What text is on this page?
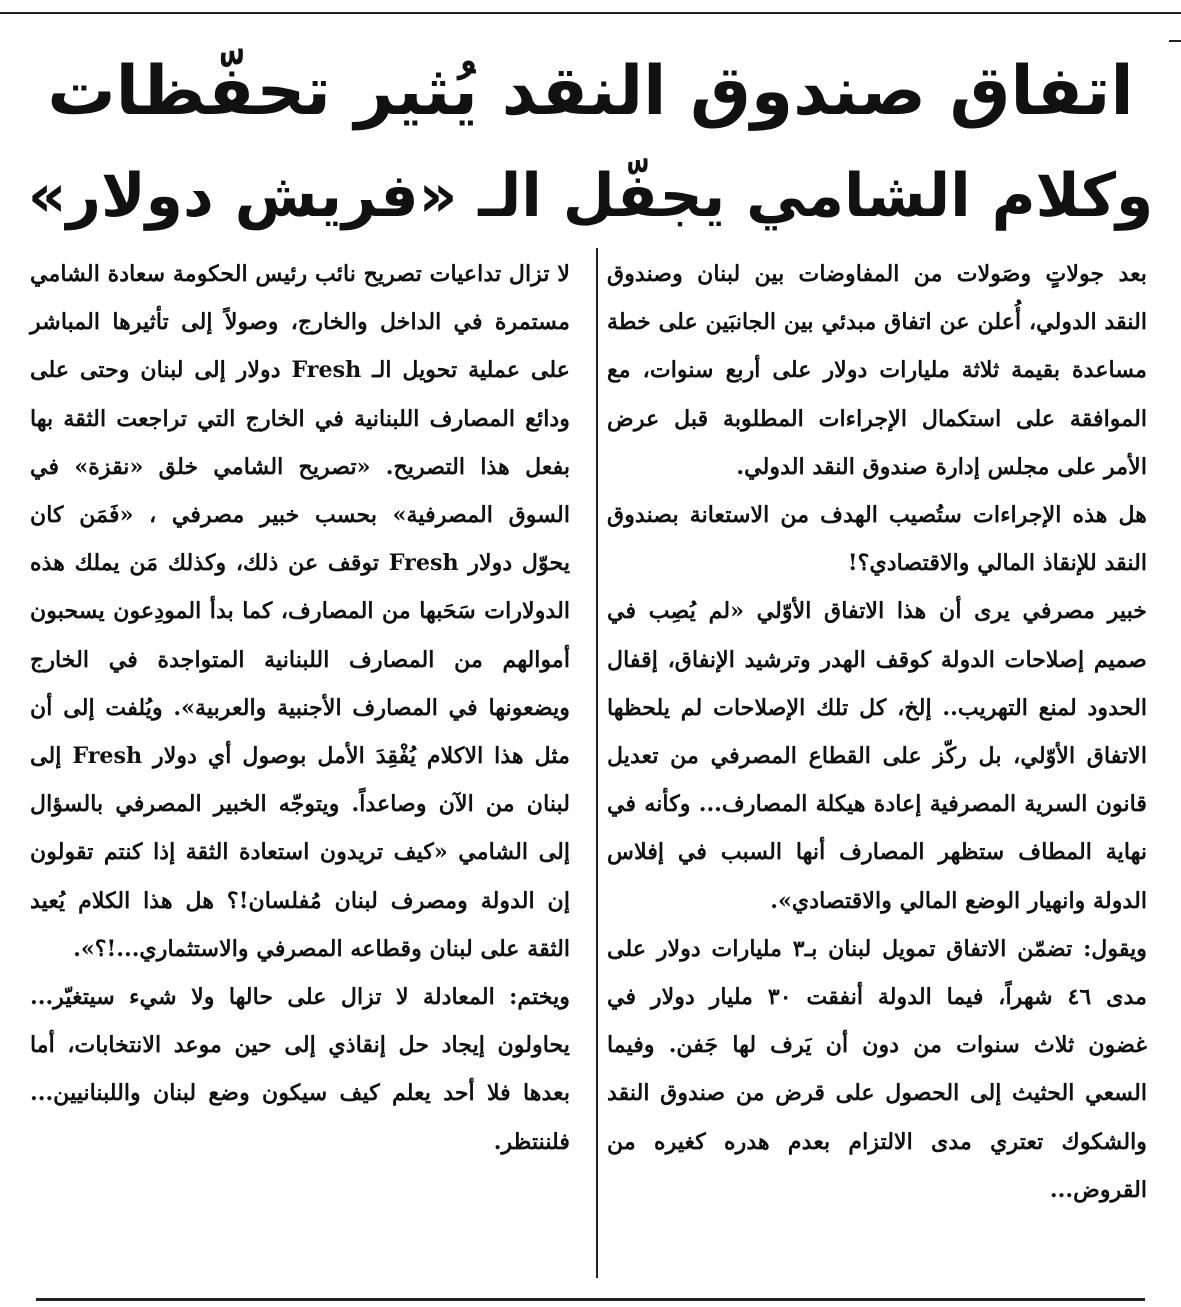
اتفاق صندوق النقد يُثير تحفّظات
وكلام الشامي يجفّل الـ «فريش دولار»

بعد جولاتٍ وصَولات من المفاوضات بين لبنان وصندوق النقد الدولي، أُعلن عن اتفاق مبدئي بين الجانبَين على خطة مساعدة بقيمة ثلاثة مليارات دولار على أربع سنوات، مع الموافقة على استكمال الإجراءات المطلوبة قبل عرض الأمر على مجلس إدارة صندوق النقد الدولي.

هل هذه الإجراءات ستُصيب الهدف من الاستعانة بصندوق النقد للإنقاذ المالي والاقتصادي؟!

خبير مصرفي يرى أن هذا الاتفاق الأوّلي «لم يُصِب في صميم إصلاحات الدولة كوقف الهدر وترشيد الإنفاق، إقفال الحدود لمنع التهريب.. إلخ، كل تلك الإصلاحات لم يلحظها الاتفاق الأوّلي، بل ركّز على القطاع المصرفي من تعديل قانون السرية المصرفية إعادة هيكلة المصارف... وكأنه في نهاية المطاف ستظهر المصارف أنها السبب في إفلاس الدولة وانهيار الوضع المالي والاقتصادي».

ويقول: تضمّن الاتفاق تمويل لبنان بـ٣ مليارات دولار على مدى ٤٦ شهراً، فيما الدولة أنفقت ٣٠ مليار دولار في غضون ثلاث سنوات من دون أن يَرف لها جَفن. وفيما السعي الحثيث إلى الحصول على قرض من صندوق النقد والشكوك تعتري مدى الالتزام بعدم هدره كغيره من القروض...

لا تزال تداعيات تصريح نائب رئيس الحكومة سعادة الشامي مستمرة في الداخل والخارج، وصولاً إلى تأثيرها المباشر على عملية تحويل الـ Fresh دولار إلى لبنان وحتى على ودائع المصارف اللبنانية في الخارج التي تراجعت الثقة بها بفعل هذا التصريح. «تصريح الشامي خلق «نقزة» في السوق المصرفية» بحسب خبير مصرفي ، «فَمَن كان يحوّل دولار Fresh توقف عن ذلك، وكذلك مَن يملك هذه الدولارات سَحَبها من المصارف، كما بدأ المودِعون يسحبون أموالهم من المصارف اللبنانية المتواجدة في الخارج ويضعونها في المصارف الأجنبية والعربية». ويُلفت إلى أن مثل هذا الاكلام يُفْقِدَ الأمل بوصول أي دولار Fresh إلى لبنان من الآن وصاعداً. ويتوجّه الخبير المصرفي بالسؤال إلى الشامي «كيف تريدون استعادة الثقة إذا كنتم تقولون إن الدولة ومصرف لبنان مُفلسان!؟ هل هذا الكلام يُعيد الثقة على لبنان وقطاعه المصرفي والاستثماري...!؟».

ويختم: المعادلة لا تزال على حالها ولا شيء سيتغيّر... يحاولون إيجاد حل إنقاذي إلى حين موعد الانتخابات، أما بعدها فلا أحد يعلم كيف سيكون وضع لبنان واللبنانيين... فلننتظر.
